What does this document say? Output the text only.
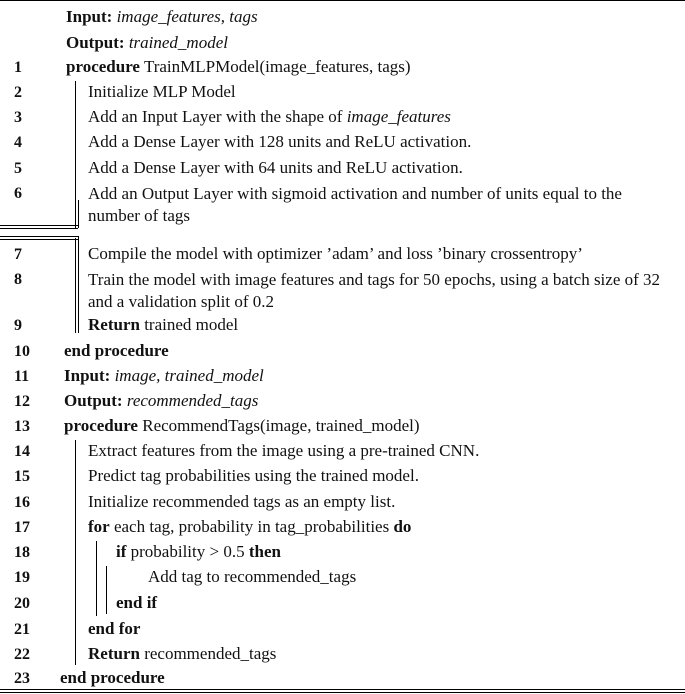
Input: image_features, tags
Output: trained_model
1
2
3
4
5
6
7
8
9
10
11
12
13
14
15
16
17
18
19
20
21
22
23
procedure TrainMLPModel(image_features, tags)
Initialize MLP Model
Add an Input Layer with the shape of image_features
Add a Dense Layer with 128 units and ReLU activation.
Add a Dense Layer with 64 units and ReLU activation.
Add an Output Layer with sigmoid activation and number of units equal to the number of tags
Compile the model with optimizer ’adam’ and loss ’binary crossentropy’
Train the model with image features and tags for 50 epochs, using a batch size of 32 and a validation split of 0.2
Return trained model
end procedure
Input: image, trained_model
Output: recommended_tags
procedure RecommendTags(image, trained_model)
Extract features from the image using a pre-trained CNN.
Predict tag probabilities using the trained model.
Initialize recommended tags as an empty list.
for each tag, probability in tag_probabilities do
if probability > 0.5 then
Add tag to recommended_tags
end if
end for
Return recommended_tags
end procedure
